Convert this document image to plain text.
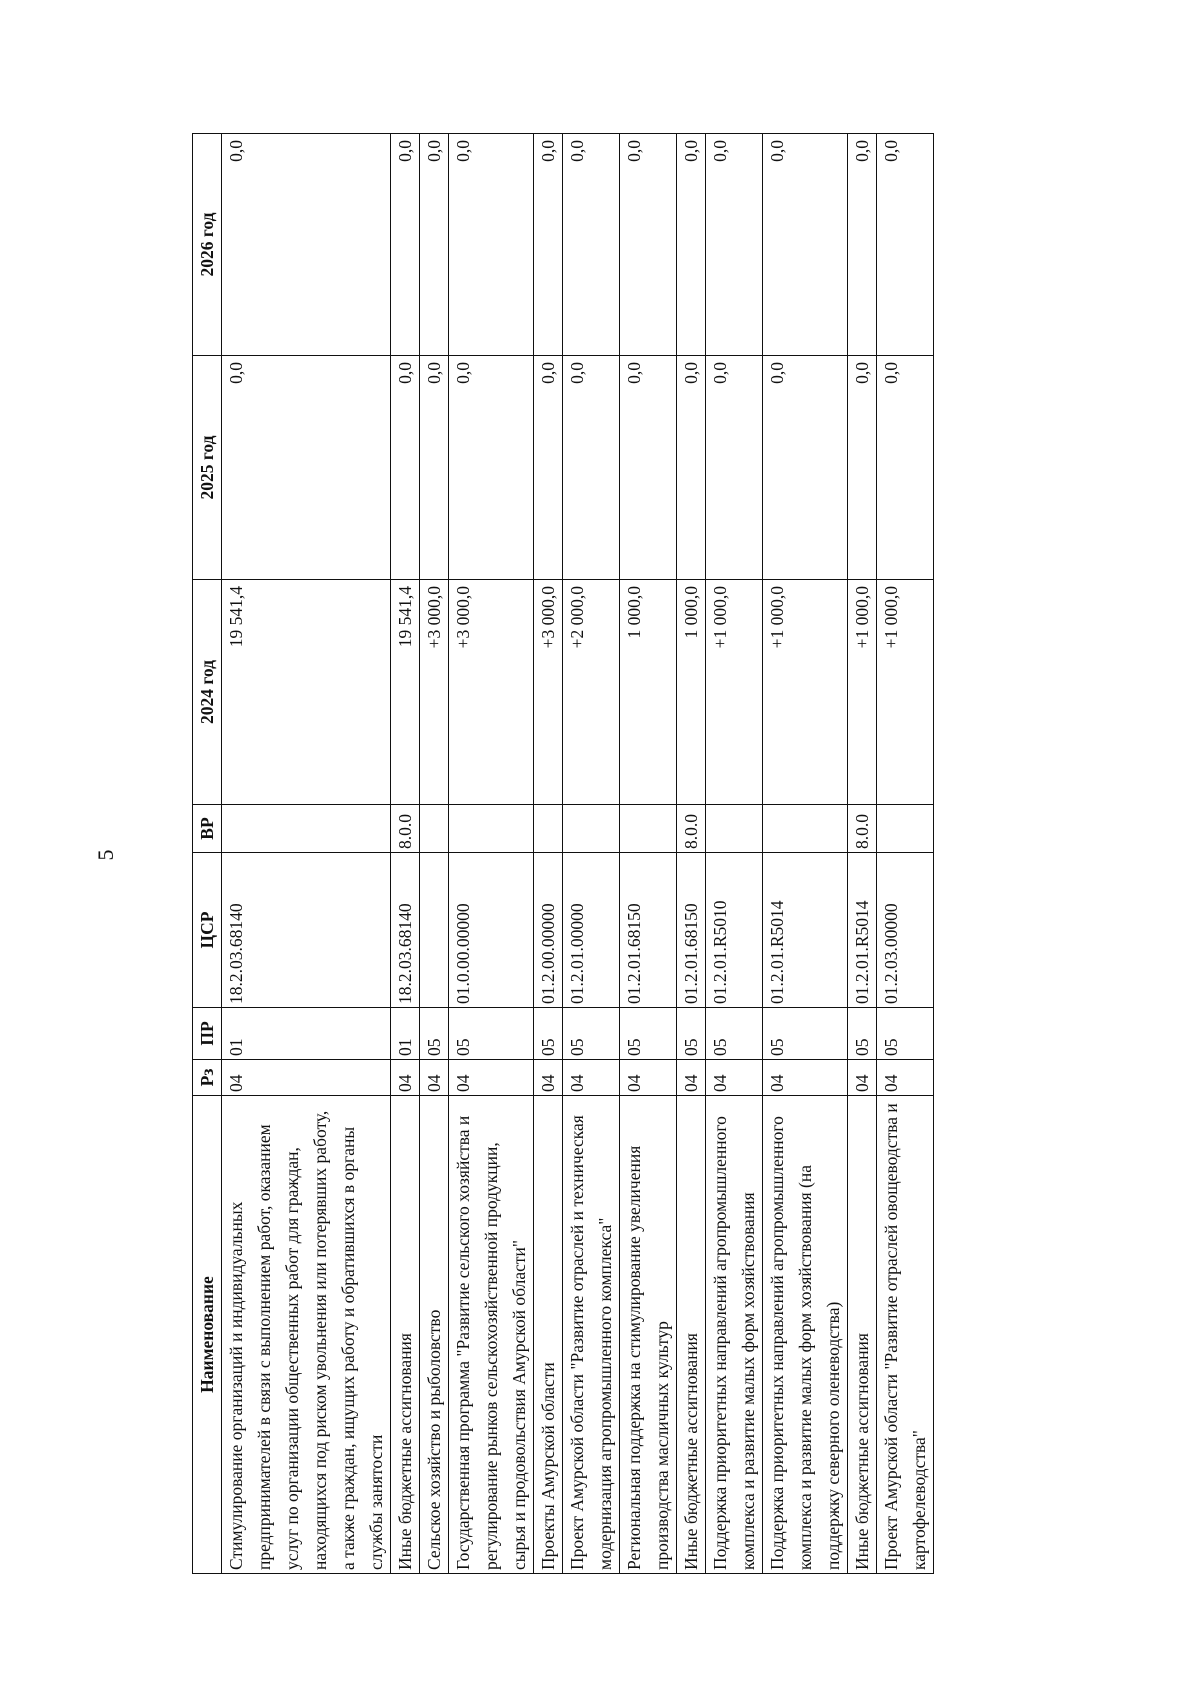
5
Наименование	Рз	ПР	ЦСР	ВР	2024 год	2025 год	2026 год
Стимулирование организаций и индивидуальных предпринимателей в связи с выполнением работ, оказанием услуг по организации общественных работ для граждан, находящихся под риском увольнения или потерявших работу, а также граждан, ищущих работу и обратившихся в органы службы занятости	04	01	18.2.03.68140		19 541,4	0,0	0,0
Иные бюджетные ассигнования	04	01	18.2.03.68140	8.0.0	19 541,4	0,0	0,0
Сельское хозяйство и рыболовство	04	05			+3 000,0	0,0	0,0
Государственная программа "Развитие сельского хозяйства и регулирование рынков сельскохозяйственной продукции, сырья и продовольствия Амурской области"	04	05	01.0.00.00000		+3 000,0	0,0	0,0
Проекты Амурской области	04	05	01.2.00.00000		+3 000,0	0,0	0,0
Проект Амурской области "Развитие отраслей и техническая модернизация агропромышленного комплекса"	04	05	01.2.01.00000		+2 000,0	0,0	0,0
Региональная поддержка на стимулирование увеличения производства масличных культур	04	05	01.2.01.68150		1 000,0	0,0	0,0
Иные бюджетные ассигнования	04	05	01.2.01.68150	8.0.0	1 000,0	0,0	0,0
Поддержка приоритетных направлений агропромышленного комплекса и развитие малых форм хозяйствования	04	05	01.2.01.R5010		+1 000,0	0,0	0,0
Поддержка приоритетных направлений агропромышленного комплекса и развитие малых форм хозяйствования (на поддержку северного оленеводства)	04	05	01.2.01.R5014		+1 000,0	0,0	0,0
Иные бюджетные ассигнования	04	05	01.2.01.R5014	8.0.0	+1 000,0	0,0	0,0
Проект Амурской области "Развитие отраслей овощеводства и картофелеводства"	04	05	01.2.03.00000		+1 000,0	0,0	0,0
